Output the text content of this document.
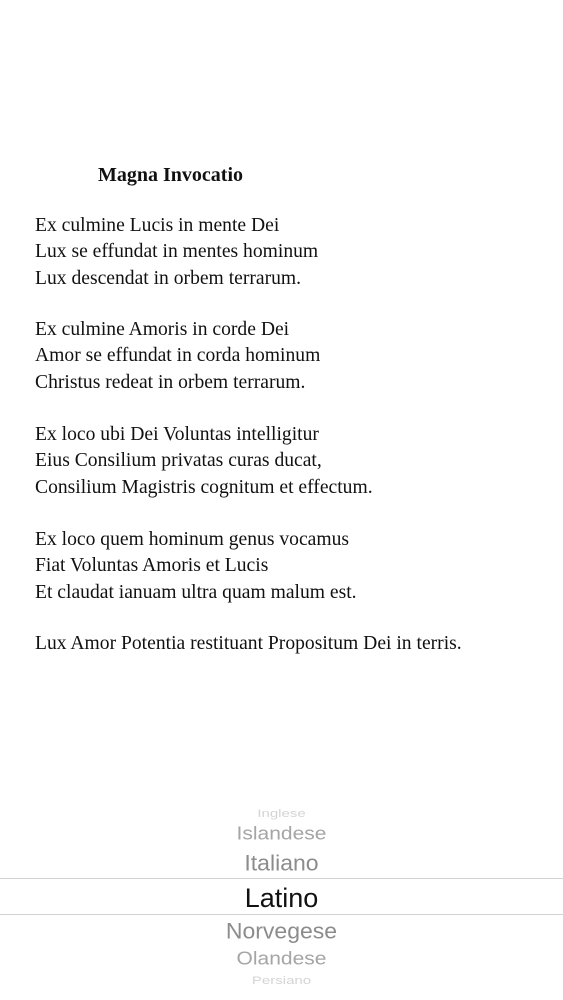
Magna Invocatio
Ex culmine Lucis in mente Dei
Lux se effundat in mentes hominum
Lux descendat in orbem terrarum.
Ex culmine Amoris in corde Dei
Amor se effundat in corda hominum
Christus redeat in orbem terrarum.
Ex loco ubi Dei Voluntas intelligitur
Eius Consilium privatas curas ducat,
Consilium Magistris cognitum et effectum.
Ex loco quem hominum genus vocamus
Fiat Voluntas Amoris et Lucis
Et claudat ianuam ultra quam malum est.
Lux Amor Potentia restituant Propositum Dei in terris.
Inglese
Islandese
Italiano
Latino
Norvegese
Olandese
Persiano
